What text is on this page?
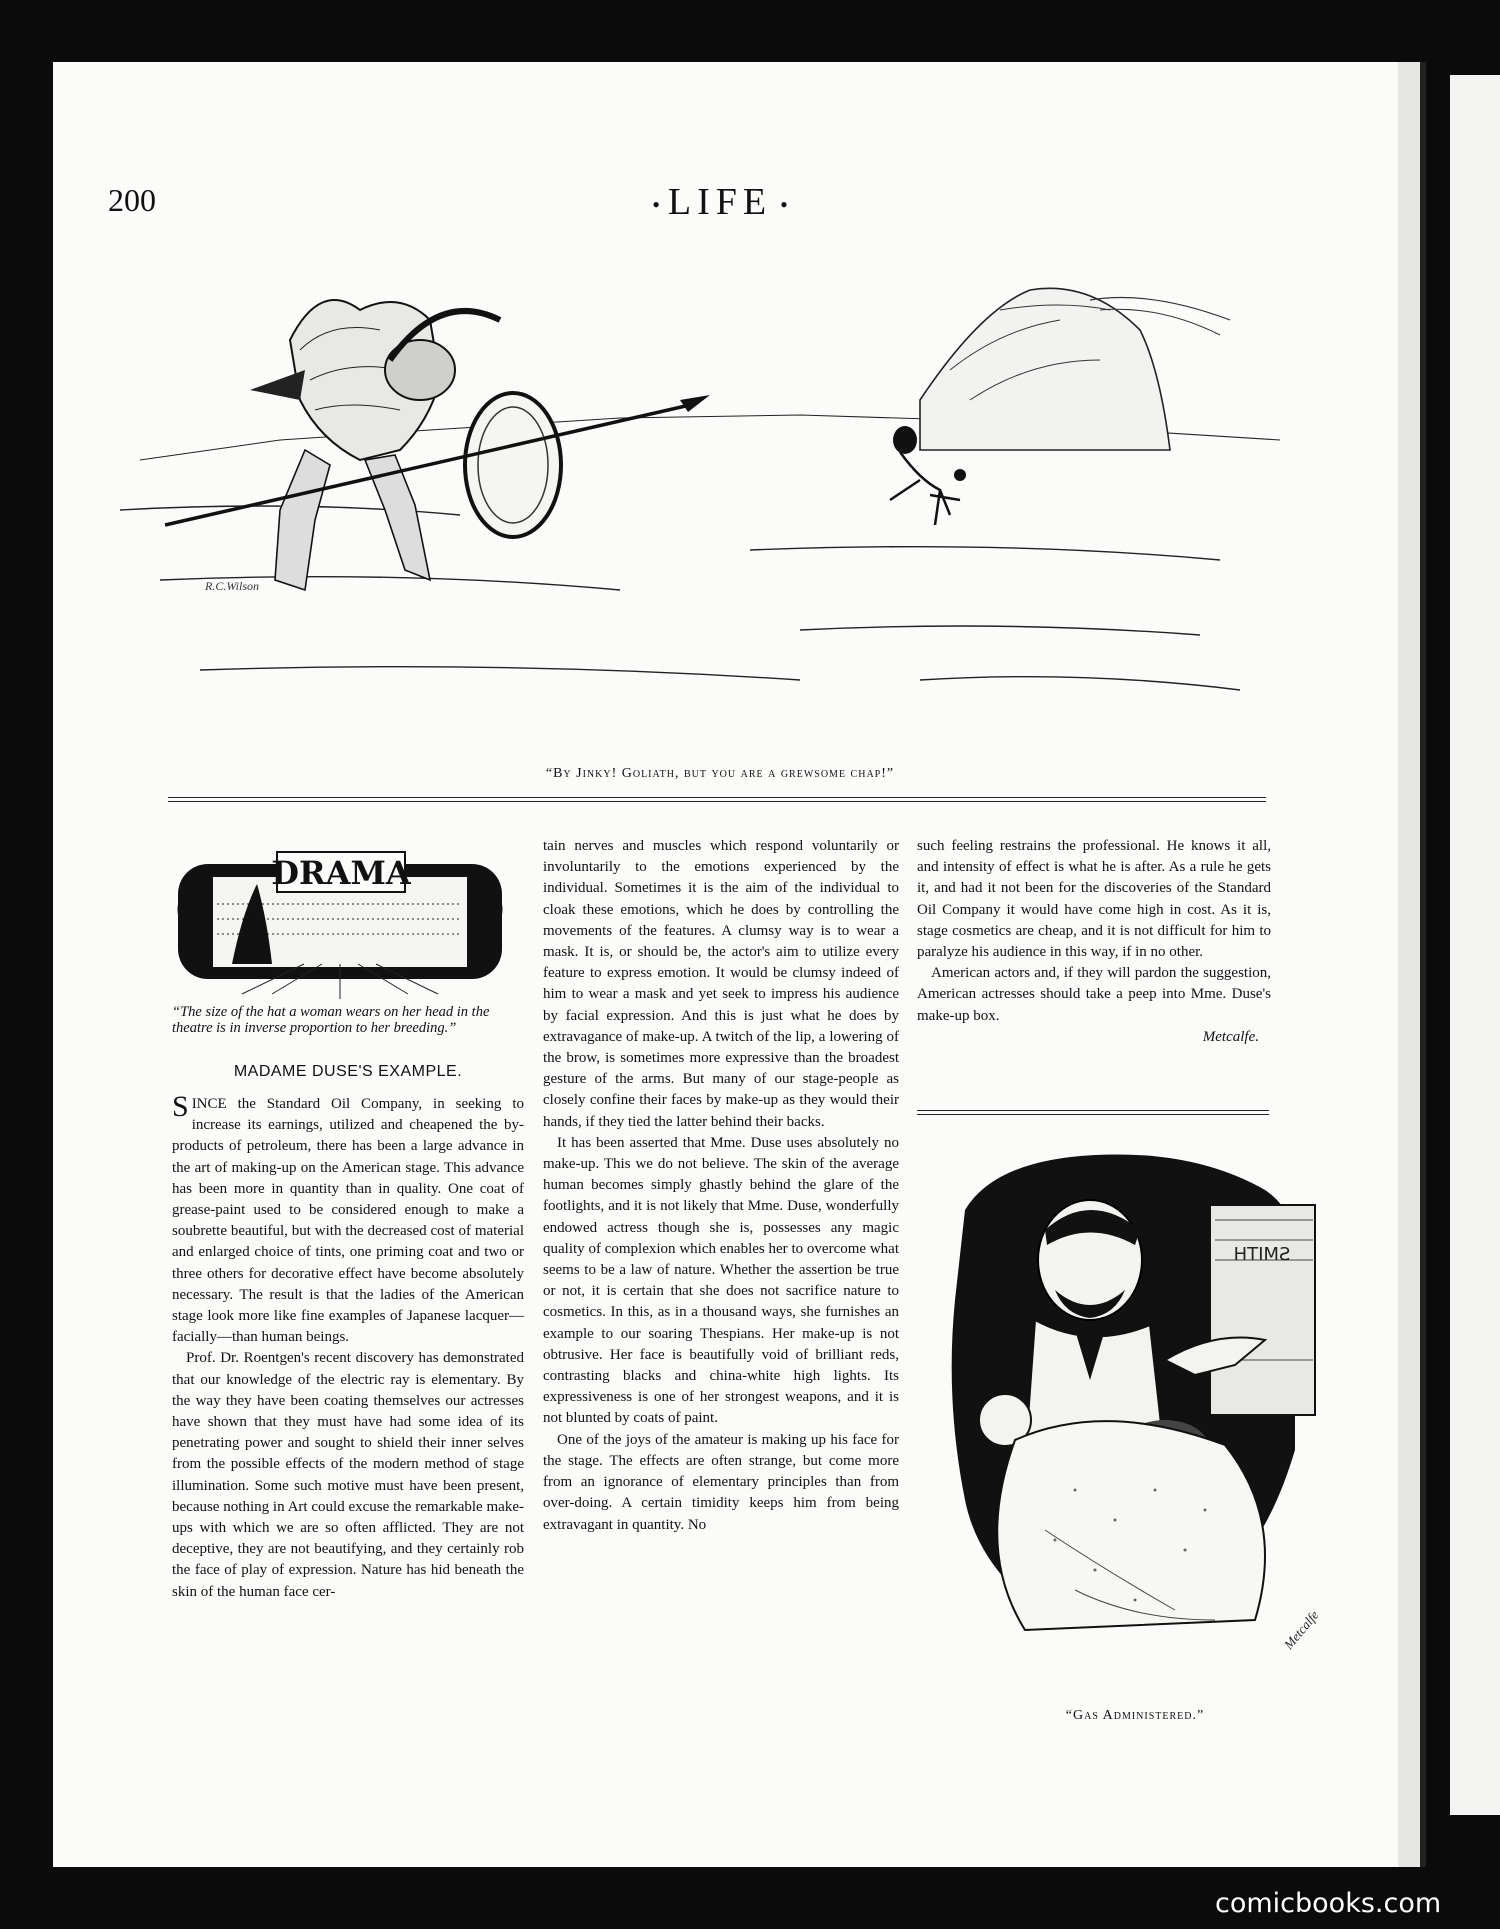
200	• LIFE •
R.C.Wilson
“By Jinky! Goliath, but you are a grewsome chap!”
DRAMA
“The size of the hat a woman wears on her head in the theatre is in inverse proportion to her breeding.”
MADAME DUSE'S EXAMPLE.

SINCE the Standard Oil Company, in seeking to increase its earnings, utilized and cheapened the by-products of petroleum, there has been a large advance in the art of making-up on the American stage. This advance has been more in quantity than in quality. One coat of grease-paint used to be considered enough to make a soubrette beautiful, but with the decreased cost of material and enlarged choice of tints, one priming coat and two or three others for decorative effect have become absolutely necessary. The result is that the ladies of the American stage look more like fine examples of Japanese lacquer—facially—than human beings.

Prof. Dr. Roentgen's recent discovery has demonstrated that our knowledge of the electric ray is elementary. By the way they have been coating themselves our actresses have shown that they must have had some idea of its penetrating power and sought to shield their inner selves from the possible effects of the modern method of stage illumination. Some such motive must have been present, because nothing in Art could excuse the remarkable make-ups with which we are so often afflicted. They are not deceptive, they are not beautifying, and they certainly rob the face of play of expression. Nature has hid beneath the skin of the human face cer-

tain nerves and muscles which respond voluntarily or involuntarily to the emotions experienced by the individual. Sometimes it is the aim of the individual to cloak these emotions, which he does by controlling the movements of the features. A clumsy way is to wear a mask. It is, or should be, the actor's aim to utilize every feature to express emotion. It would be clumsy indeed of him to wear a mask and yet seek to impress his audience by facial expression. And this is just what he does by extravagance of make-up. A twitch of the lip, a lowering of the brow, is sometimes more expressive than the broadest gesture of the arms. But many of our stage-people as closely confine their faces by make-up as they would their hands, if they tied the latter behind their backs.

It has been asserted that Mme. Duse uses absolutely no make-up. This we do not believe. The skin of the average human becomes simply ghastly behind the glare of the footlights, and it is not likely that Mme. Duse, wonderfully endowed actress though she is, possesses any magic quality of complexion which enables her to overcome what seems to be a law of nature. Whether the assertion be true or not, it is certain that she does not sacrifice nature to cosmetics. In this, as in a thousand ways, she furnishes an example to our soaring Thespians. Her make-up is not obtrusive. Her face is beautifully void of brilliant reds, contrasting blacks and china-white high lights. Its expressiveness is one of her strongest weapons, and it is not blunted by coats of paint.

One of the joys of the amateur is making up his face for the stage. The effects are often strange, but come more from an ignorance of elementary principles than from over-doing. A certain timidity keeps him from being extravagant in quantity. No

such feeling restrains the professional. He knows it all, and intensity of effect is what he is after. As a rule he gets it, and had it not been for the discoveries of the Standard Oil Company it would have come high in cost. As it is, stage cosmetics are cheap, and it is not difficult for him to paralyze his audience in this way, if in no other.

American actors and, if they will pardon the suggestion, American actresses should take a peep into Mme. Duse's make-up box.

Metcalfe.
SMITH
Metcalfe
“Gas Administered.”
comicbooks.com
